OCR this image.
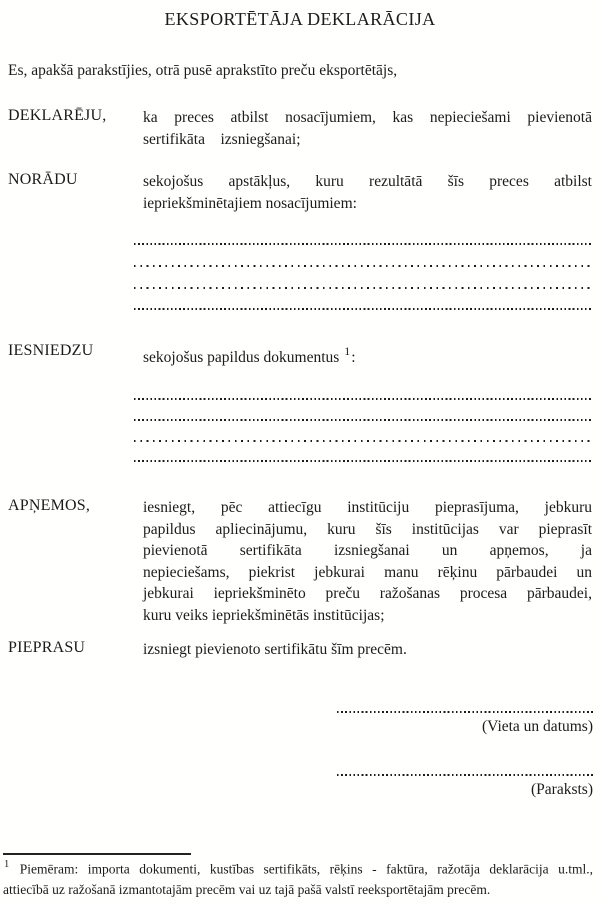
EKSPORTĒTĀJA DEKLARĀCIJA
Es, apakšā parakstījies, otrā pusē aprakstīto preču eksportētājs,
DEKLARĒJU, ka preces atbilst nosacījumiem, kas nepieciešami pievienotā
sertifikāta    izsniegšanai;
NORĀDU	sekojošus apstākļus, kuru rezultātā šīs preces atbilst
iepriekšminētajiem nosacījumiem:
IESNIEDZU	sekojošus papildus dokumentus $^1$:
APŅEMOS,	iesniegt, pēc attiecīgu institūciju pieprasījuma, jebkuru
papildus apliecinājumu, kuru šīs institūcijas var pieprasīt
pievienotā sertifikāta izsniegšanai un apņemos, ja
nepieciešams, piekrist jebkurai manu rēķinu pārbaudei un
jebkurai iepriekšminēto preču ražošanas procesa pārbaudei,
kuru veiks iepriekšminētās institūcijas;
PIEPRASU	izsniegt pievienoto sertifikātu šīm precēm.
(Vieta un datums)
(Paraksts)
$^1$ Piemēram: importa dokumenti, kustības sertifikāts, rēķins - faktūra, ražotāja deklarācija u.tml.,
attiecībā uz ražošanā izmantotajām precēm vai uz tajā pašā valstī reeksportētajām precēm.
